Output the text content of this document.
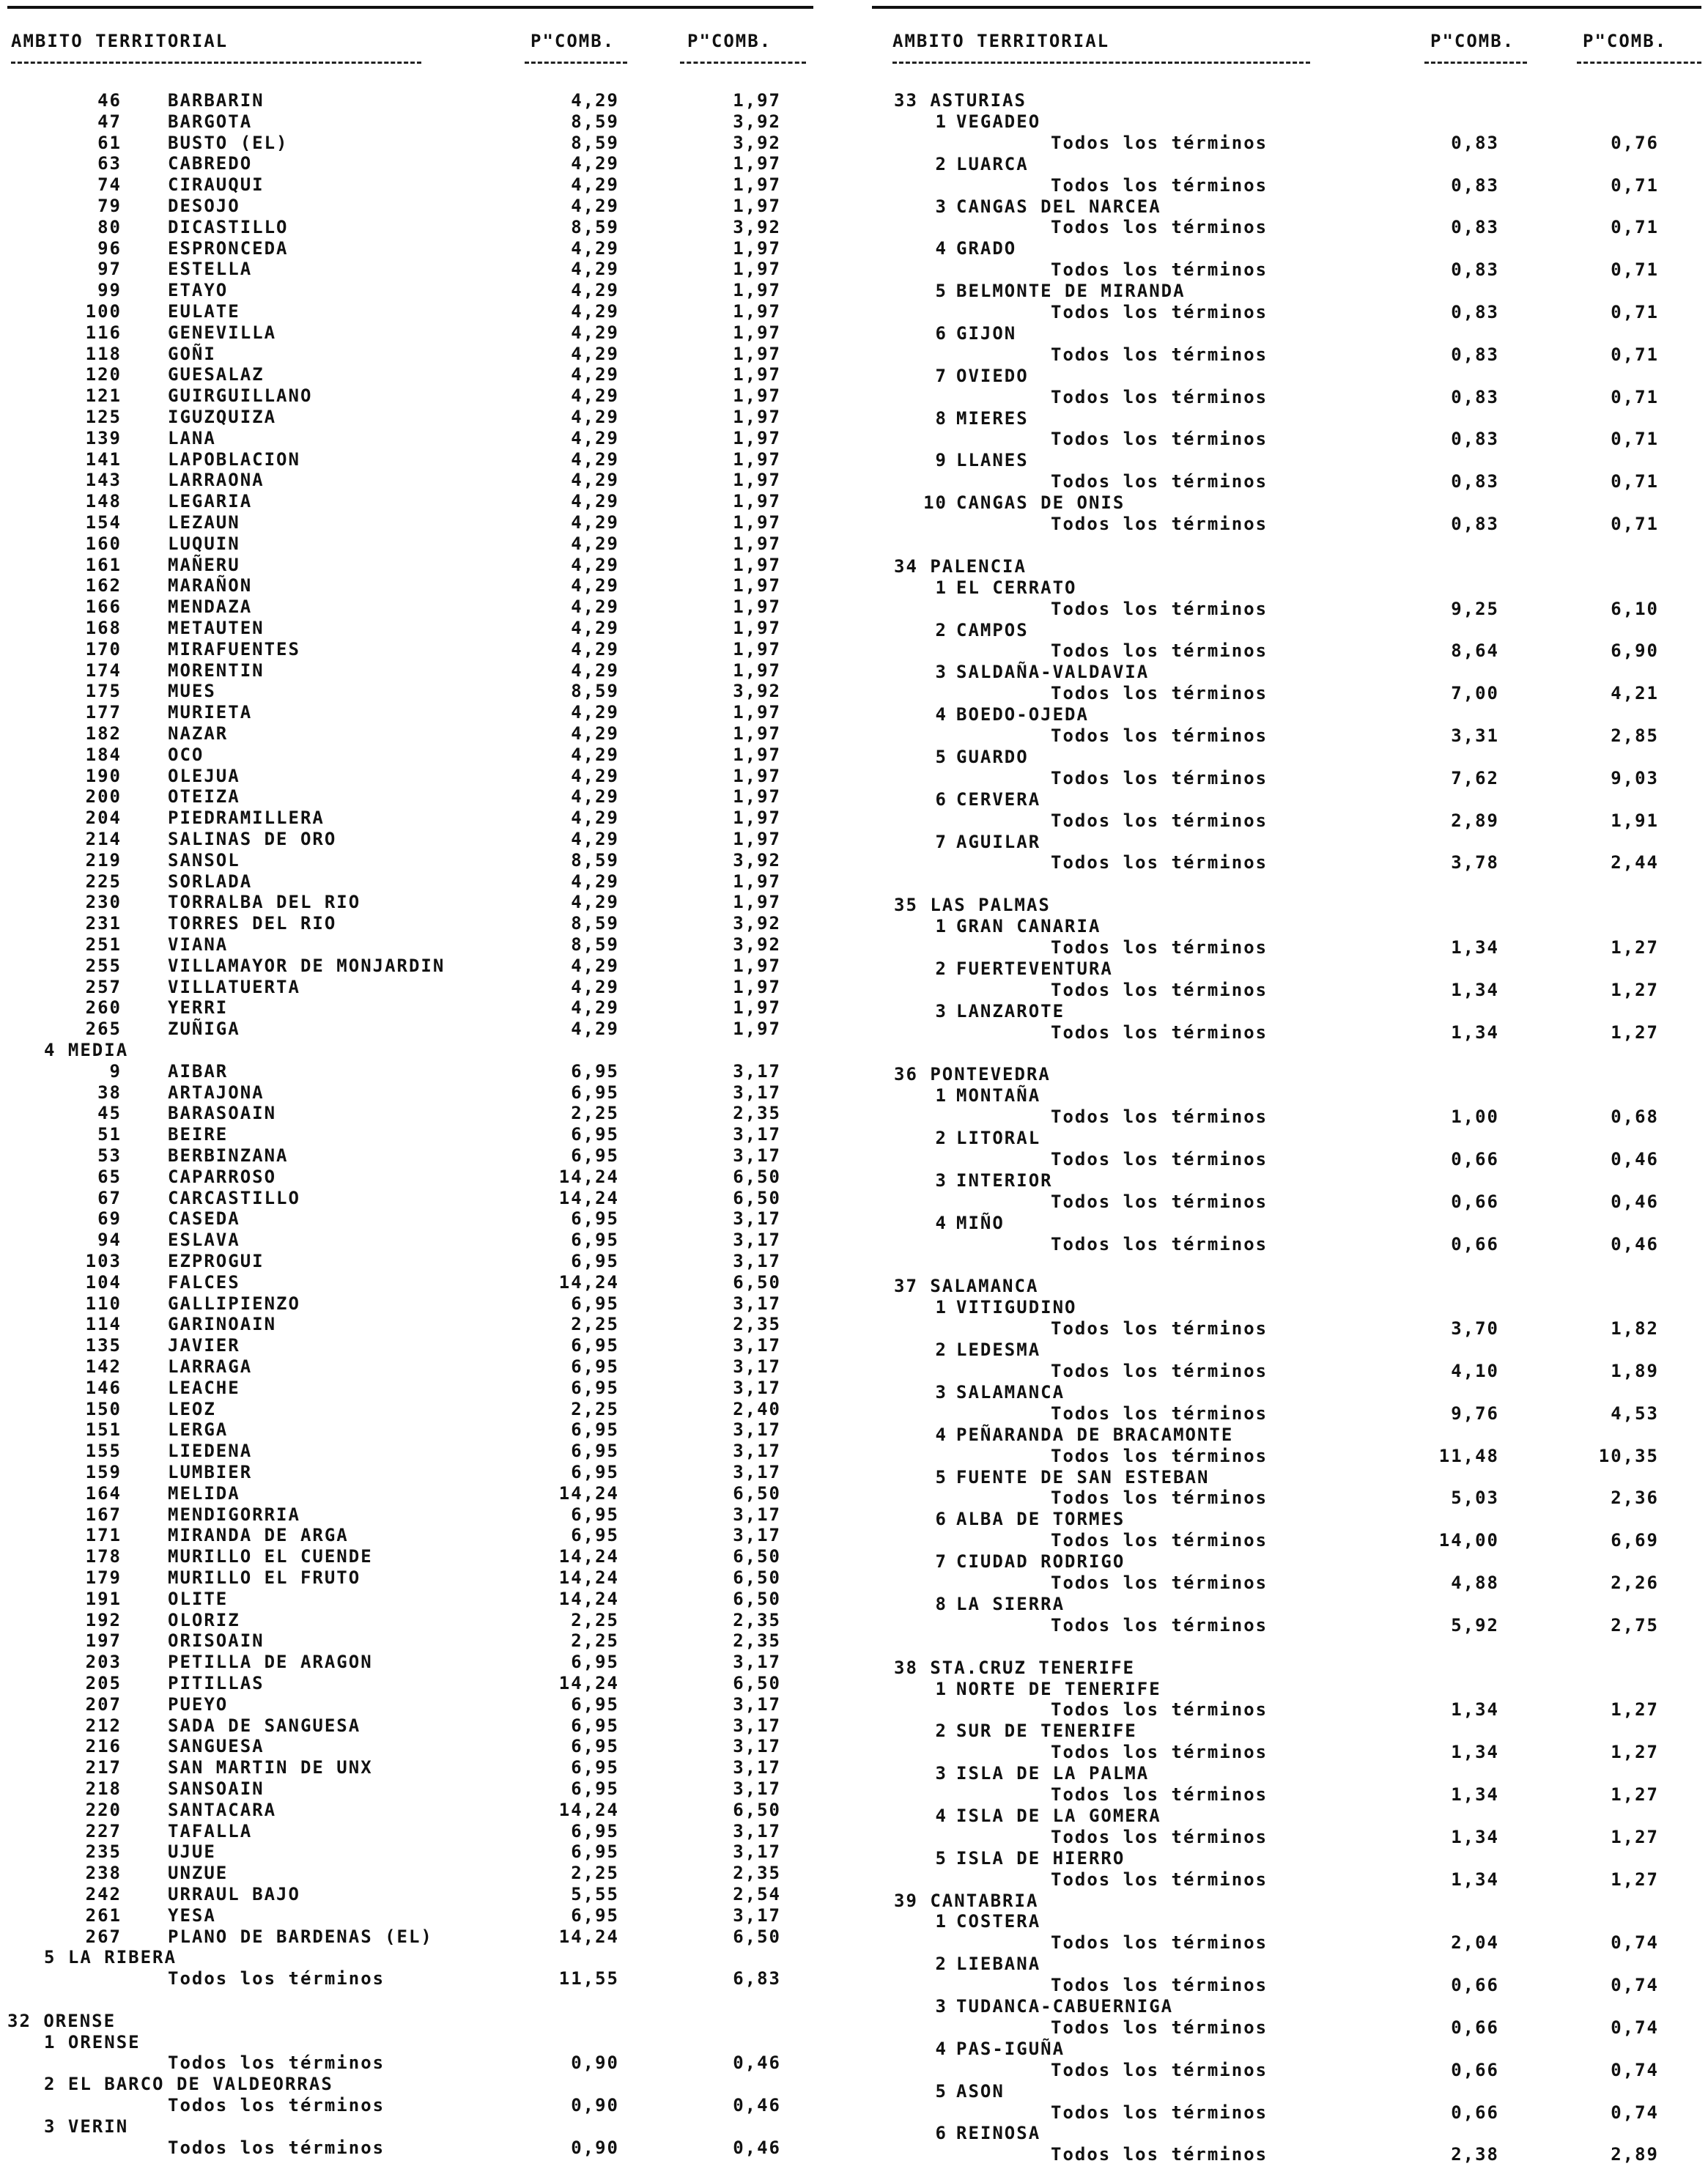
AMBITO TERRITORIAL	P"COMB.	P"COMB.
46	BARBARIN	4,29	1,97
47	BARGOTA	8,59	3,92
61	BUSTO (EL)	8,59	3,92
63	CABREDO	4,29	1,97
74	CIRAUQUI	4,29	1,97
79	DESOJO	4,29	1,97
80	DICASTILLO	8,59	3,92
96	ESPRONCEDA	4,29	1,97
97	ESTELLA	4,29	1,97
99	ETAYO	4,29	1,97
100	EULATE	4,29	1,97
116	GENEVILLA	4,29	1,97
118	GOÑI	4,29	1,97
120	GUESALAZ	4,29	1,97
121	GUIRGUILLANO	4,29	1,97
125	IGUZQUIZA	4,29	1,97
139	LANA	4,29	1,97
141	LAPOBLACION	4,29	1,97
143	LARRAONA	4,29	1,97
148	LEGARIA	4,29	1,97
154	LEZAUN	4,29	1,97
160	LUQUIN	4,29	1,97
161	MAÑERU	4,29	1,97
162	MARAÑON	4,29	1,97
166	MENDAZA	4,29	1,97
168	METAUTEN	4,29	1,97
170	MIRAFUENTES	4,29	1,97
174	MORENTIN	4,29	1,97
175	MUES	8,59	3,92
177	MURIETA	4,29	1,97
182	NAZAR	4,29	1,97
184	OCO	4,29	1,97
190	OLEJUA	4,29	1,97
200	OTEIZA	4,29	1,97
204	PIEDRAMILLERA	4,29	1,97
214	SALINAS DE ORO	4,29	1,97
219	SANSOL	8,59	3,92
225	SORLADA	4,29	1,97
230	TORRALBA DEL RIO	4,29	1,97
231	TORRES DEL RIO	8,59	3,92
251	VIANA	8,59	3,92
255	VILLAMAYOR DE MONJARDIN	4,29	1,97
257	VILLATUERTA	4,29	1,97
260	YERRI	4,29	1,97
265	ZUÑIGA	4,29	1,97
4 MEDIA
9	AIBAR	6,95	3,17
38	ARTAJONA	6,95	3,17
45	BARASOAIN	2,25	2,35
51	BEIRE	6,95	3,17
53	BERBINZANA	6,95	3,17
65	CAPARROSO	14,24	6,50
67	CARCASTILLO	14,24	6,50
69	CASEDA	6,95	3,17
94	ESLAVA	6,95	3,17
103	EZPROGUI	6,95	3,17
104	FALCES	14,24	6,50
110	GALLIPIENZO	6,95	3,17
114	GARINOAIN	2,25	2,35
135	JAVIER	6,95	3,17
142	LARRAGA	6,95	3,17
146	LEACHE	6,95	3,17
150	LEOZ	2,25	2,40
151	LERGA	6,95	3,17
155	LIEDENA	6,95	3,17
159	LUMBIER	6,95	3,17
164	MELIDA	14,24	6,50
167	MENDIGORRIA	6,95	3,17
171	MIRANDA DE ARGA	6,95	3,17
178	MURILLO EL CUENDE	14,24	6,50
179	MURILLO EL FRUTO	14,24	6,50
191	OLITE	14,24	6,50
192	OLORIZ	2,25	2,35
197	ORISOAIN	2,25	2,35
203	PETILLA DE ARAGON	6,95	3,17
205	PITILLAS	14,24	6,50
207	PUEYO	6,95	3,17
212	SADA DE SANGUESA	6,95	3,17
216	SANGUESA	6,95	3,17
217	SAN MARTIN DE UNX	6,95	3,17
218	SANSOAIN	6,95	3,17
220	SANTACARA	14,24	6,50
227	TAFALLA	6,95	3,17
235	UJUE	6,95	3,17
238	UNZUE	2,25	2,35
242	URRAUL BAJO	5,55	2,54
261	YESA	6,95	3,17
267	PLANO DE BARDENAS (EL)	14,24	6,50
5 LA RIBERA
Todos los términos	11,55	6,83
32 ORENSE
1 ORENSE
Todos los términos	0,90	0,46
2 EL BARCO DE VALDEORRAS
Todos los términos	0,90	0,46
3 VERIN
Todos los términos	0,90	0,46
AMBITO TERRITORIAL	P"COMB.	P"COMB.
33 ASTURIAS
1 VEGADEO
Todos los términos	0,83	0,76
2 LUARCA
Todos los términos	0,83	0,71
3 CANGAS DEL NARCEA
Todos los términos	0,83	0,71
4 GRADO
Todos los términos	0,83	0,71
5 BELMONTE DE MIRANDA
Todos los términos	0,83	0,71
6 GIJON
Todos los términos	0,83	0,71
7 OVIEDO
Todos los términos	0,83	0,71
8 MIERES
Todos los términos	0,83	0,71
9 LLANES
Todos los términos	0,83	0,71
10 CANGAS DE ONIS
Todos los términos	0,83	0,71
34 PALENCIA
1 EL CERRATO
Todos los términos	9,25	6,10
2 CAMPOS
Todos los términos	8,64	6,90
3 SALDAÑA-VALDAVIA
Todos los términos	7,00	4,21
4 BOEDO-OJEDA
Todos los términos	3,31	2,85
5 GUARDO
Todos los términos	7,62	9,03
6 CERVERA
Todos los términos	2,89	1,91
7 AGUILAR
Todos los términos	3,78	2,44
35 LAS PALMAS
1 GRAN CANARIA
Todos los términos	1,34	1,27
2 FUERTEVENTURA
Todos los términos	1,34	1,27
3 LANZAROTE
Todos los términos	1,34	1,27
36 PONTEVEDRA
1 MONTAÑA
Todos los términos	1,00	0,68
2 LITORAL
Todos los términos	0,66	0,46
3 INTERIOR
Todos los términos	0,66	0,46
4 MIÑO
Todos los términos	0,66	0,46
37 SALAMANCA
1 VITIGUDINO
Todos los términos	3,70	1,82
2 LEDESMA
Todos los términos	4,10	1,89
3 SALAMANCA
Todos los términos	9,76	4,53
4 PEÑARANDA DE BRACAMONTE
Todos los términos	11,48	10,35
5 FUENTE DE SAN ESTEBAN
Todos los términos	5,03	2,36
6 ALBA DE TORMES
Todos los términos	14,00	6,69
7 CIUDAD RODRIGO
Todos los términos	4,88	2,26
8 LA SIERRA
Todos los términos	5,92	2,75
38 STA.CRUZ TENERIFE
1 NORTE DE TENERIFE
Todos los términos	1,34	1,27
2 SUR DE TENERIFE
Todos los términos	1,34	1,27
3 ISLA DE LA PALMA
Todos los términos	1,34	1,27
4 ISLA DE LA GOMERA
Todos los términos	1,34	1,27
5 ISLA DE HIERRO
Todos los términos	1,34	1,27
39 CANTABRIA
1 COSTERA
Todos los términos	2,04	0,74
2 LIEBANA
Todos los términos	0,66	0,74
3 TUDANCA-CABUERNIGA
Todos los términos	0,66	0,74
4 PAS-IGUÑA
Todos los términos	0,66	0,74
5 ASON
Todos los términos	0,66	0,74
6 REINOSA
Todos los términos	2,38	2,89
